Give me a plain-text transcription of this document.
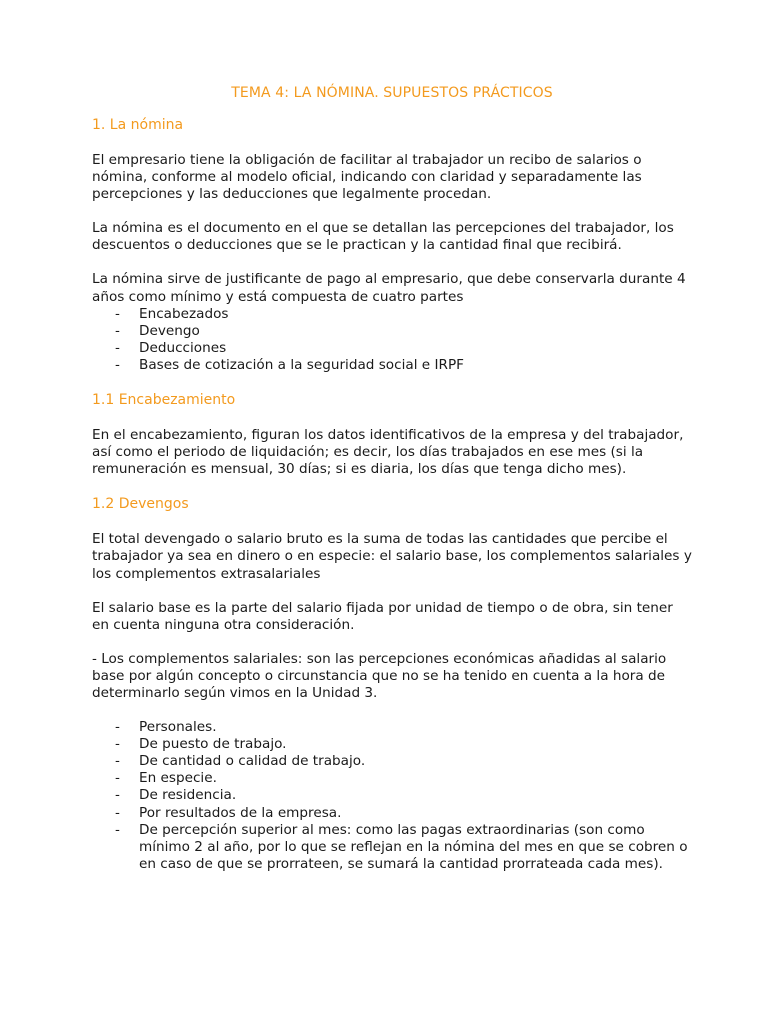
TEMA 4: LA NÓMINA. SUPUESTOS PRÁCTICOS
1. La nómina
El empresario tiene la obligación de facilitar al trabajador un recibo de salarios o nómina, conforme al modelo oficial, indicando con claridad y separadamente las percepciones y las deducciones que legalmente procedan.
La nómina es el documento en el que se detallan las percepciones del trabajador, los descuentos o deducciones que se le practican y la cantidad final que recibirá.
La nómina sirve de justificante de pago al empresario, que debe conservarla durante 4 años como mínimo y está compuesta de cuatro partes
- Encabezados
- Devengo
- Deducciones
- Bases de cotización a la seguridad social e IRPF
1.1 Encabezamiento
En el encabezamiento, figuran los datos identificativos de la empresa y del trabajador, así como el periodo de liquidación; es decir, los días trabajados en ese mes (si la remuneración es mensual, 30 días; si es diaria, los días que tenga dicho mes).
1.2 Devengos
El total devengado o salario bruto es la suma de todas las cantidades que percibe el trabajador ya sea en dinero o en especie: el salario base, los complementos salariales y los complementos extrasalariales
El salario base es la parte del salario fijada por unidad de tiempo o de obra, sin tener en cuenta ninguna otra consideración.
- Los complementos salariales: son las percepciones económicas añadidas al salario base por algún concepto o circunstancia que no se ha tenido en cuenta a la hora de determinarlo según vimos en la Unidad 3.
- Personales.
- De puesto de trabajo.
- De cantidad o calidad de trabajo.
- En especie.
- De residencia.
- Por resultados de la empresa.
- De percepción superior al mes: como las pagas extraordinarias (son como mínimo 2 al año, por lo que se reflejan en la nómina del mes en que se cobren o en caso de que se prorrateen, se sumará la cantidad prorrateada cada mes).
